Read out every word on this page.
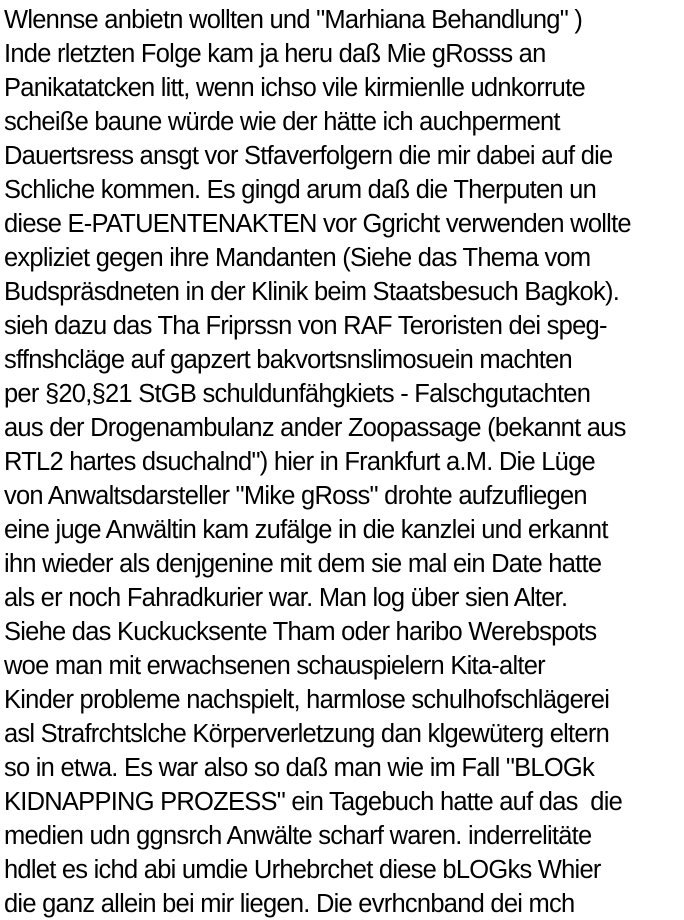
Wlennse anbietn wollten und "Marhiana Behandlung" )
Inde rletzten Folge kam ja heru daß Mie gRosss an
Panikatatcken litt, wenn ichso vile kirmienlle udnkorrute
scheiße baune würde wie der hätte ich auchperment
Dauertsress ansgt vor Stfaverfolgern die mir dabei auf die
Schliche kommen. Es gingd arum daß die Therputen un
diese E-PATUENTENAKTEN vor Ggricht verwenden wollte
expliziet gegen ihre Mandanten (Siehe das Thema vom
Budspräsdneten in der Klinik beim Staatsbesuch Bagkok).
sieh dazu das Tha Friprssn von RAF Teroristen dei speg-
sffnshcläge auf gapzert bakvortsnslimosuein machten
per §20,§21 StGB schuldunfähgkiets - Falschgutachten
aus der Drogenambulanz ander Zoopassage (bekannt aus
RTL2 hartes dsuchalnd") hier in Frankfurt a.M. Die Lüge
von Anwaltsdarsteller "Mike gRoss" drohte aufzufliegen
eine juge Anwältin kam zufälge in die kanzlei und erkannt
ihn wieder als denjgenine mit dem sie mal ein Date hatte
als er noch Fahradkurier war. Man log über sien Alter.
Siehe das Kuckucksente Tham oder haribo Werebspots
woe man mit erwachsenen schauspielern Kita-alter
Kinder probleme nachspielt, harmlose schulhofschlägerei
asl Strafrchtslche Körperverletzung dan klgewüterg eltern
so in etwa. Es war also so daß man wie im Fall "BLOGk
KIDNAPPING PROZESS" ein Tagebuch hatte auf das  die
medien udn ggnsrch Anwälte scharf waren. inderrelitäte
hdlet es ichd abi umdie Urhebrchet diese bLOGks Whier
die ganz allein bei mir liegen. Die evrhcnband dei mch
